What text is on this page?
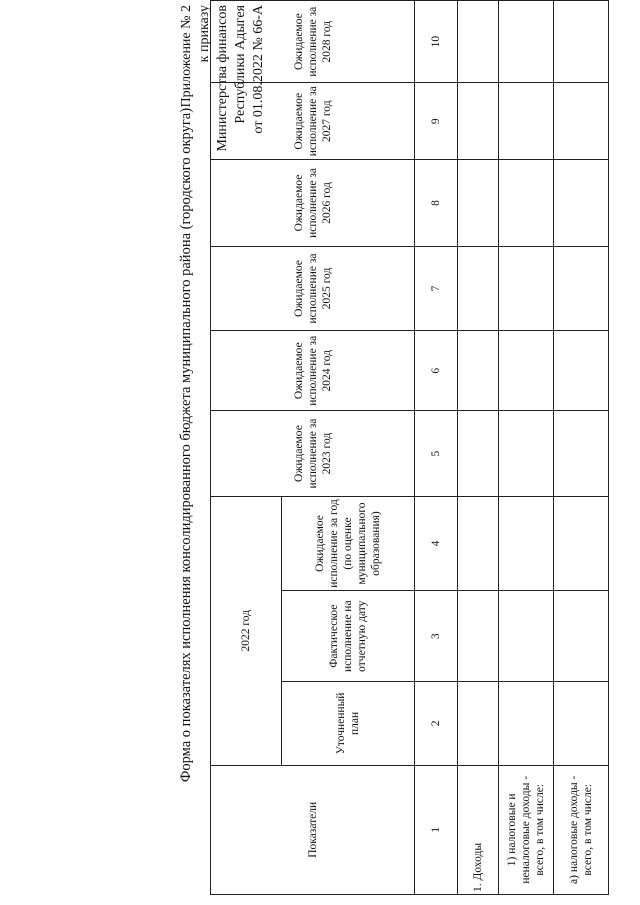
Приложение № 2 к приказу Министерства финансов Республики Адыгея от 01.08.2022 № 66-А
Форма о показателях исполнения консолидированного бюджета муниципального района (городского округа)
Показатели	2022 год			Ожидаемое исполнение за 2023 год	Ожидаемое исполнение за 2024 год	Ожидаемое исполнение за 2025 год	Ожидаемое исполнение за 2026 год	Ожидаемое исполнение за 2027 год	Ожидаемое исполнение за 2028 год
	Уточненный план	Фактическое исполнение на отчетную дату	Ожидаемое исполнение за год (по оценке муниципального образования)						
1	2	3	4	5	6	7	8	9	10
1. Доходы									
1) налоговые и неналоговые доходы - всего, в том числе:									
а) налоговые доходы - всего, в том числе:									
